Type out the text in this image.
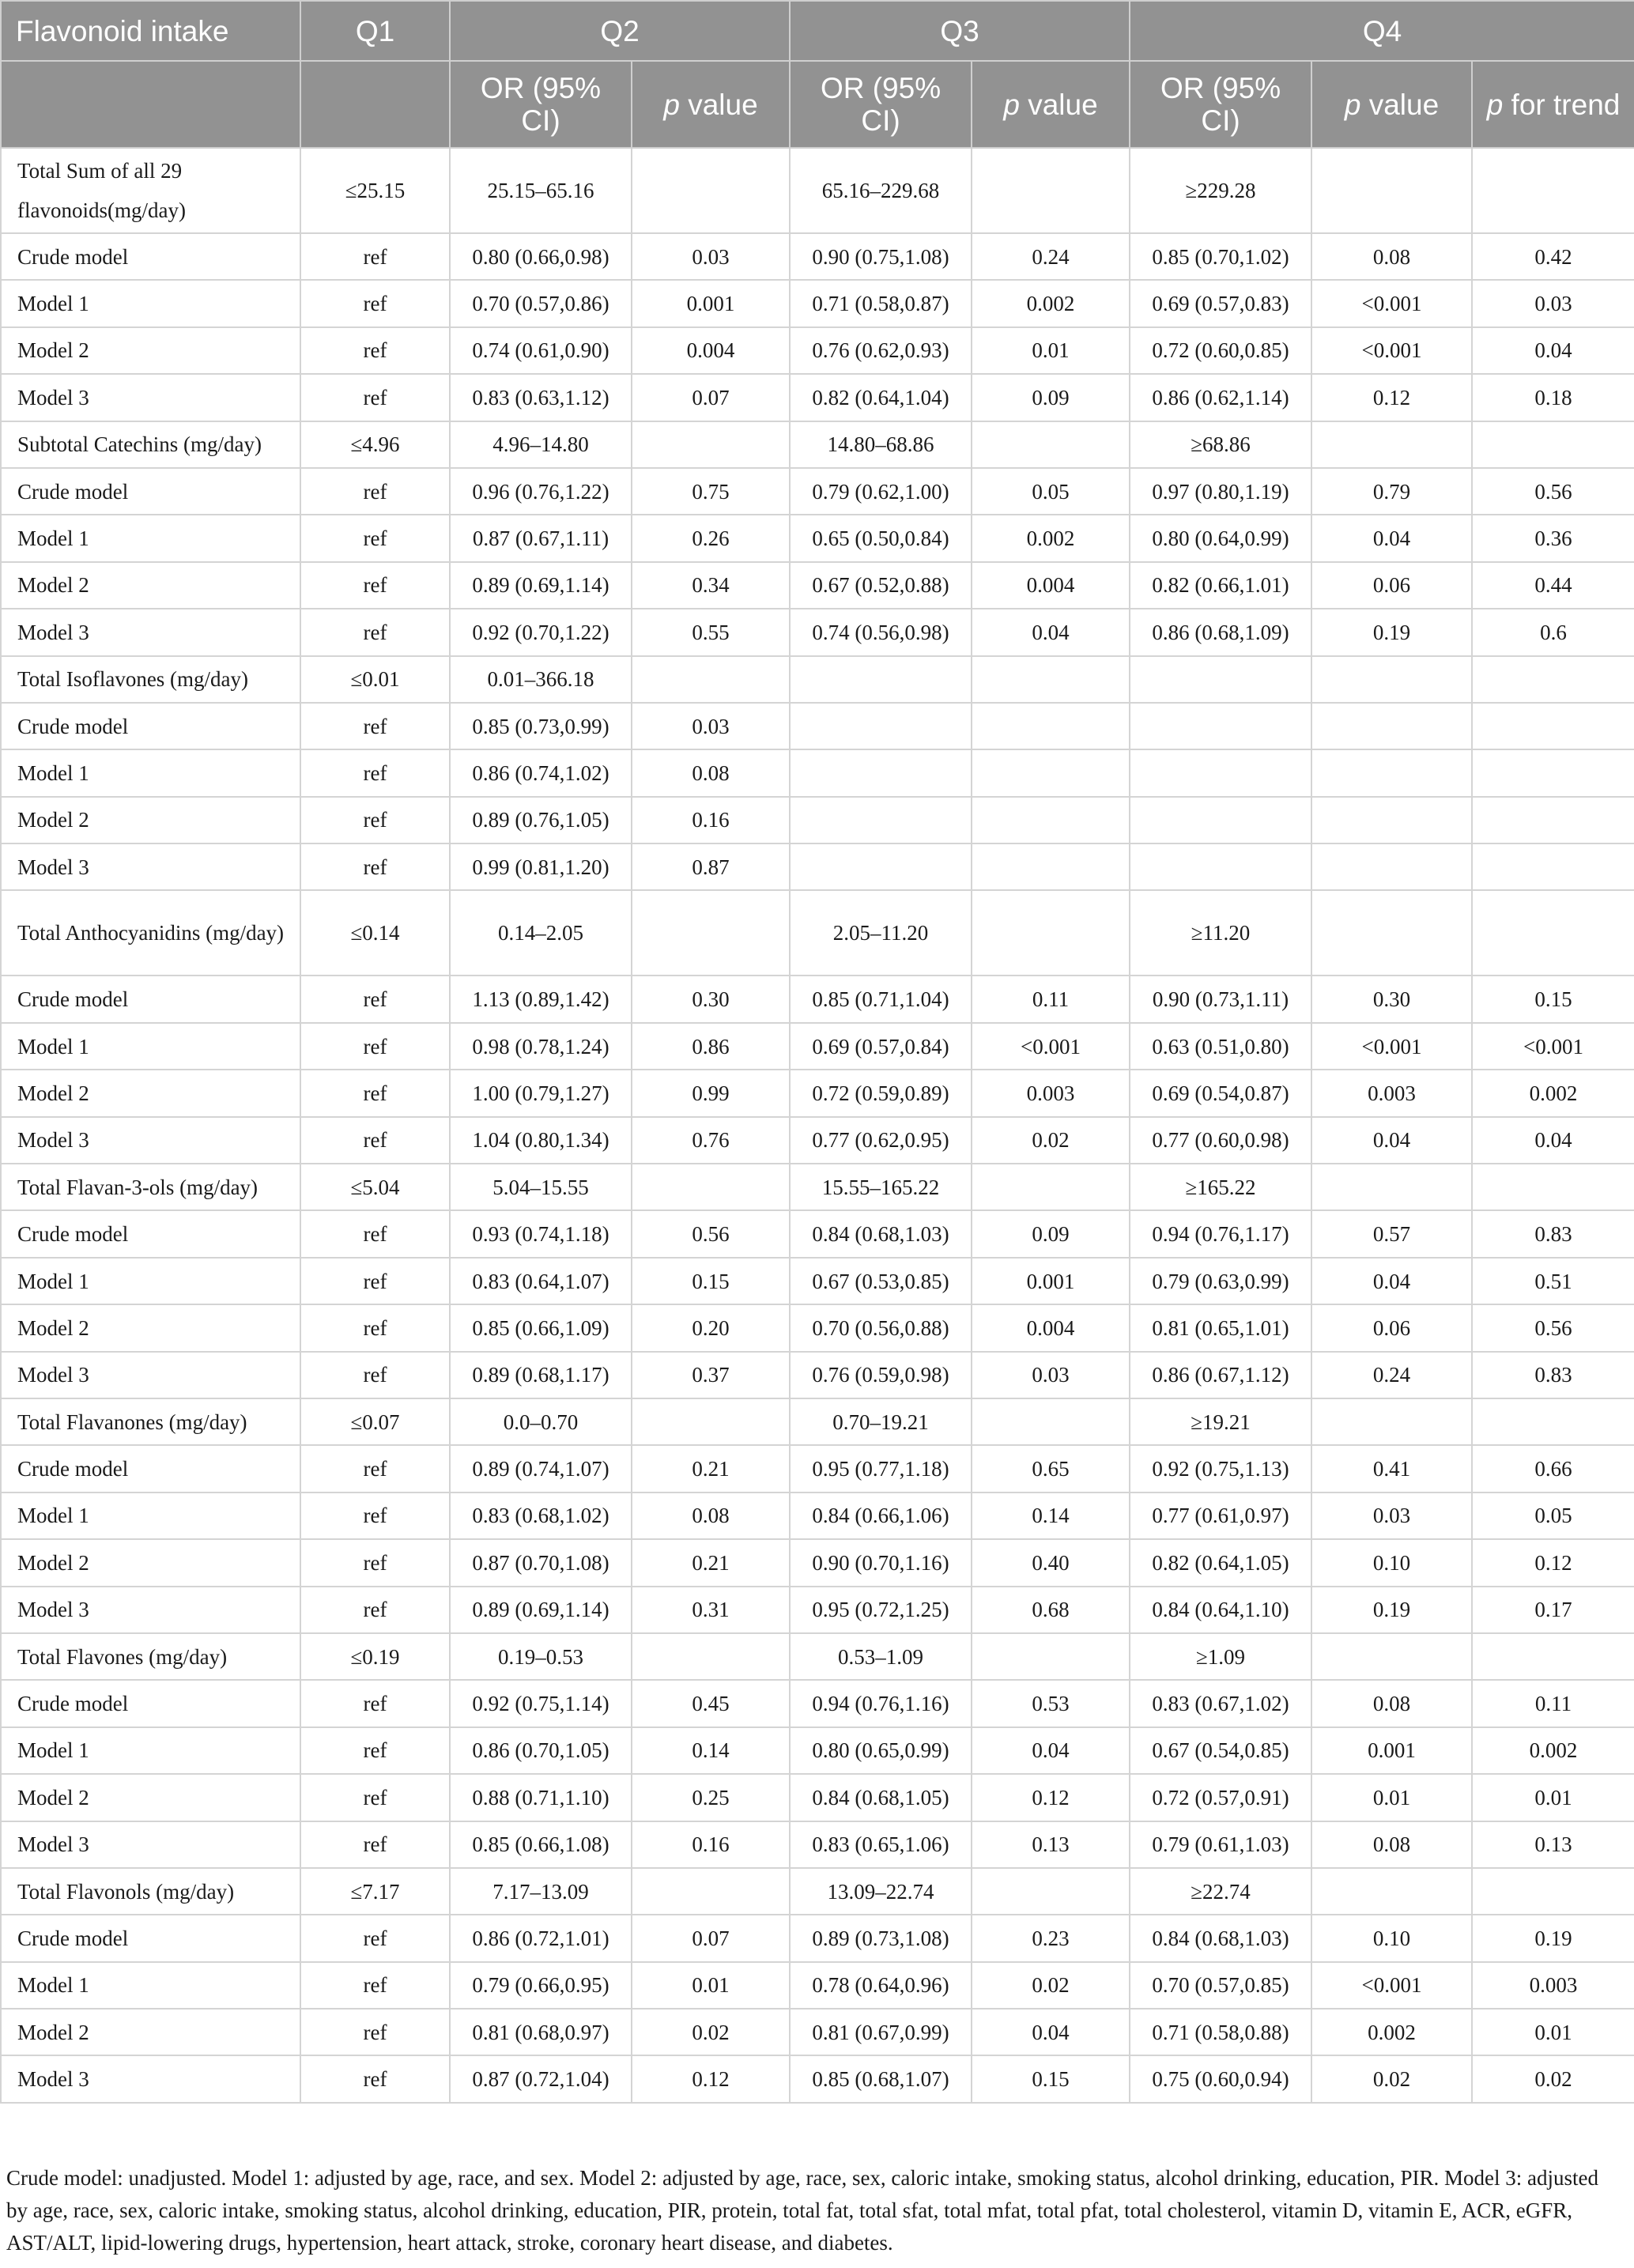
Flavonoid intake	Q1	Q2		Q3		Q4		
		OR (95% CI)	p value	OR (95% CI)	p value	OR (95% CI)	p value	p for trend
Total Sum of all 29 flavonoids(mg/day)	≤25.15	25.15–65.16		65.16–229.68		≥229.28		
Crude model	ref	0.80 (0.66,0.98)	0.03	0.90 (0.75,1.08)	0.24	0.85 (0.70,1.02)	0.08	0.42
Model 1	ref	0.70 (0.57,0.86)	0.001	0.71 (0.58,0.87)	0.002	0.69 (0.57,0.83)	<0.001	0.03
Model 2	ref	0.74 (0.61,0.90)	0.004	0.76 (0.62,0.93)	0.01	0.72 (0.60,0.85)	<0.001	0.04
Model 3	ref	0.83 (0.63,1.12)	0.07	0.82 (0.64,1.04)	0.09	0.86 (0.62,1.14)	0.12	0.18
Subtotal Catechins (mg/day)	≤4.96	4.96–14.80		14.80–68.86		≥68.86		
Crude model	ref	0.96 (0.76,1.22)	0.75	0.79 (0.62,1.00)	0.05	0.97 (0.80,1.19)	0.79	0.56
Model 1	ref	0.87 (0.67,1.11)	0.26	0.65 (0.50,0.84)	0.002	0.80 (0.64,0.99)	0.04	0.36
Model 2	ref	0.89 (0.69,1.14)	0.34	0.67 (0.52,0.88)	0.004	0.82 (0.66,1.01)	0.06	0.44
Model 3	ref	0.92 (0.70,1.22)	0.55	0.74 (0.56,0.98)	0.04	0.86 (0.68,1.09)	0.19	0.6
Total Isoflavones (mg/day)	≤0.01	0.01–366.18						
Crude model	ref	0.85 (0.73,0.99)	0.03					
Model 1	ref	0.86 (0.74,1.02)	0.08					
Model 2	ref	0.89 (0.76,1.05)	0.16					
Model 3	ref	0.99 (0.81,1.20)	0.87					
Total Anthocyanidins (mg/day)	≤0.14	0.14–2.05		2.05–11.20		≥11.20		
Crude model	ref	1.13 (0.89,1.42)	0.30	0.85 (0.71,1.04)	0.11	0.90 (0.73,1.11)	0.30	0.15
Model 1	ref	0.98 (0.78,1.24)	0.86	0.69 (0.57,0.84)	<0.001	0.63 (0.51,0.80)	<0.001	<0.001
Model 2	ref	1.00 (0.79,1.27)	0.99	0.72 (0.59,0.89)	0.003	0.69 (0.54,0.87)	0.003	0.002
Model 3	ref	1.04 (0.80,1.34)	0.76	0.77 (0.62,0.95)	0.02	0.77 (0.60,0.98)	0.04	0.04
Total Flavan-3-ols (mg/day)	≤5.04	5.04–15.55		15.55–165.22		≥165.22		
Crude model	ref	0.93 (0.74,1.18)	0.56	0.84 (0.68,1.03)	0.09	0.94 (0.76,1.17)	0.57	0.83
Model 1	ref	0.83 (0.64,1.07)	0.15	0.67 (0.53,0.85)	0.001	0.79 (0.63,0.99)	0.04	0.51
Model 2	ref	0.85 (0.66,1.09)	0.20	0.70 (0.56,0.88)	0.004	0.81 (0.65,1.01)	0.06	0.56
Model 3	ref	0.89 (0.68,1.17)	0.37	0.76 (0.59,0.98)	0.03	0.86 (0.67,1.12)	0.24	0.83
Total Flavanones (mg/day)	≤0.07	0.0–0.70		0.70–19.21		≥19.21		
Crude model	ref	0.89 (0.74,1.07)	0.21	0.95 (0.77,1.18)	0.65	0.92 (0.75,1.13)	0.41	0.66
Model 1	ref	0.83 (0.68,1.02)	0.08	0.84 (0.66,1.06)	0.14	0.77 (0.61,0.97)	0.03	0.05
Model 2	ref	0.87 (0.70,1.08)	0.21	0.90 (0.70,1.16)	0.40	0.82 (0.64,1.05)	0.10	0.12
Model 3	ref	0.89 (0.69,1.14)	0.31	0.95 (0.72,1.25)	0.68	0.84 (0.64,1.10)	0.19	0.17
Total Flavones (mg/day)	≤0.19	0.19–0.53		0.53–1.09		≥1.09		
Crude model	ref	0.92 (0.75,1.14)	0.45	0.94 (0.76,1.16)	0.53	0.83 (0.67,1.02)	0.08	0.11
Model 1	ref	0.86 (0.70,1.05)	0.14	0.80 (0.65,0.99)	0.04	0.67 (0.54,0.85)	0.001	0.002
Model 2	ref	0.88 (0.71,1.10)	0.25	0.84 (0.68,1.05)	0.12	0.72 (0.57,0.91)	0.01	0.01
Model 3	ref	0.85 (0.66,1.08)	0.16	0.83 (0.65,1.06)	0.13	0.79 (0.61,1.03)	0.08	0.13
Total Flavonols (mg/day)	≤7.17	7.17–13.09		13.09–22.74		≥22.74		
Crude model	ref	0.86 (0.72,1.01)	0.07	0.89 (0.73,1.08)	0.23	0.84 (0.68,1.03)	0.10	0.19
Model 1	ref	0.79 (0.66,0.95)	0.01	0.78 (0.64,0.96)	0.02	0.70 (0.57,0.85)	<0.001	0.003
Model 2	ref	0.81 (0.68,0.97)	0.02	0.81 (0.67,0.99)	0.04	0.71 (0.58,0.88)	0.002	0.01
Model 3	ref	0.87 (0.72,1.04)	0.12	0.85 (0.68,1.07)	0.15	0.75 (0.60,0.94)	0.02	0.02
Crude model: unadjusted. Model 1: adjusted by age, race, and sex. Model 2: adjusted by age, race, sex, caloric intake, smoking status, alcohol drinking, education, PIR. Model 3: adjusted by age, race, sex, caloric intake, smoking status, alcohol drinking, education, PIR, protein, total fat, total sfat, total mfat, total pfat, total cholesterol, vitamin D, vitamin E, ACR, eGFR, AST/ALT, lipid-lowering drugs, hypertension, heart attack, stroke, coronary heart disease, and diabetes.
